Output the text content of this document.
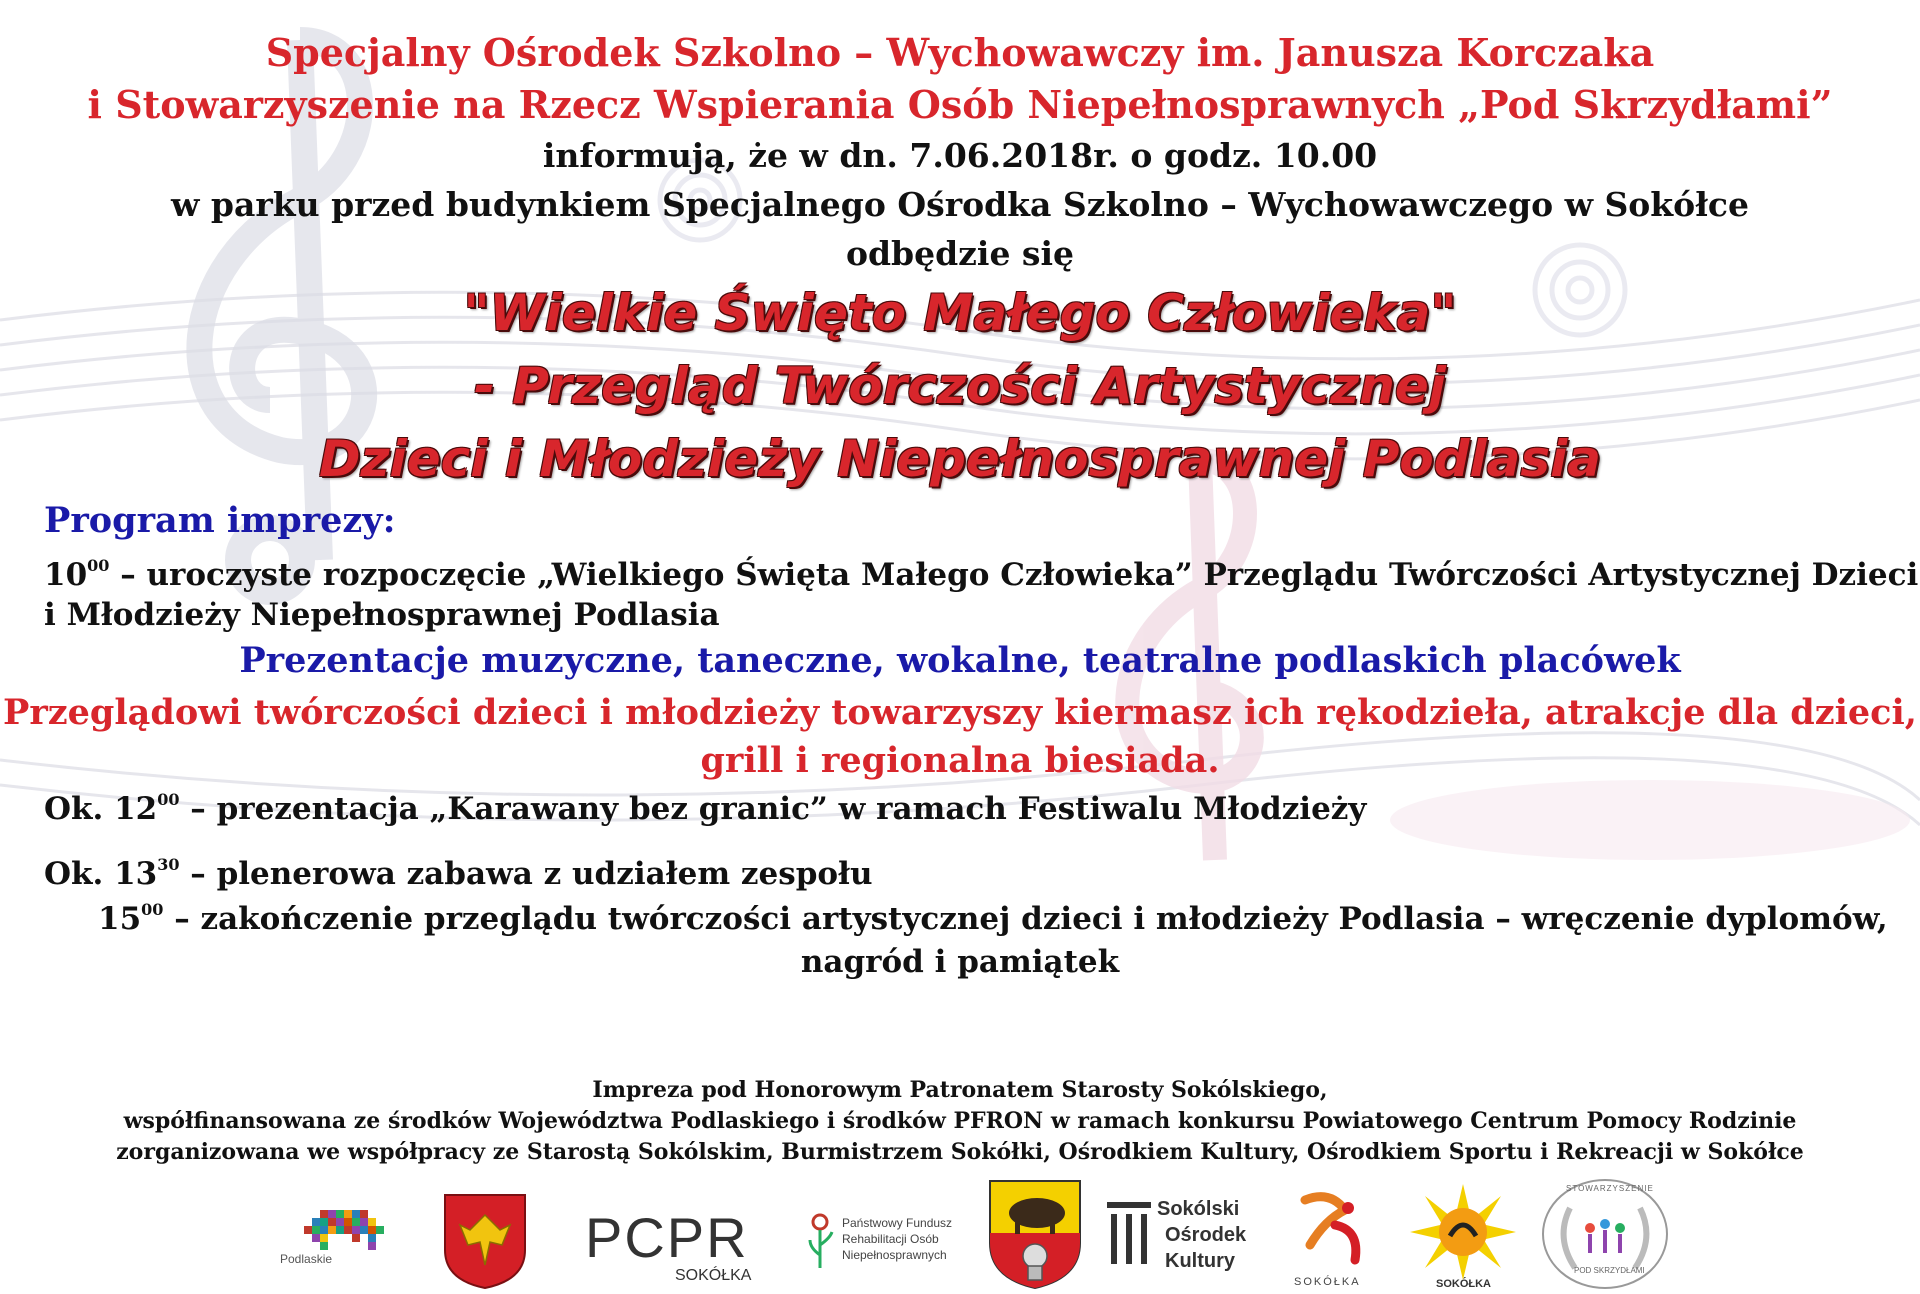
Specjalny Ośrodek Szkolno – Wychowawczy im. Janusza Korczaka

i Stowarzyszenie na Rzecz Wspierania Osób Niepełnosprawnych „Pod Skrzydłami”

informują, że w dn. 7.06.2018r. o godz. 10.00

w parku przed budynkiem Specjalnego Ośrodka Szkolno – Wychowawczego w Sokółce

odbędzie się

"Wielkie Święto Małego Człowieka"

- Przegląd Twórczości Artystycznej

Dzieci i Młodzieży Niepełnosprawnej Podlasia

Program imprezy:
$10^{00}$ – uroczyste rozpoczęcie „Wielkiego Święta Małego Człowieka” Przeglądu Twórczości Artystycznej Dzieci
i Młodzieży Niepełnosprawnej Podlasia
Prezentacje muzyczne, taneczne, wokalne, teatralne podlaskich placówek
Przeglądowi twórczości dzieci i młodzieży towarzyszy kiermasz ich rękodzieła, atrakcje dla dzieci,
grill i regionalna biesiada.
Ok. $12^{00}$ – prezentacja „Karawany bez granic” w ramach Festiwalu Młodzieży
Ok. $13^{30}$ – plenerowa zabawa z udziałem zespołu
$15^{00}$ – zakończenie przeglądu twórczości artystycznej dzieci i młodzieży Podlasia – wręczenie dyplomów,
nagród i pamiątek
Impreza pod Honorowym Patronatem Starosty Sokólskiego,
współfinansowana ze środków Województwa Podlaskiego i środków PFRON w ramach konkursu Powiatowego Centrum Pomocy Rodzinie
zorganizowana we współpracy ze Starostą Sokólskim, Burmistrzem Sokółki, Ośrodkiem Kultury, Ośrodkiem Sportu i Rekreacji w Sokółce
Podlaskie	PCPR
SOKÓŁKA
Państwowy Fundusz
Rehabilitacji Osób
Niepełnosprawnych
Sokólski
Ośrodek
Kultury
SOKÓŁKA	SOKÓŁKA
STOWARZYSZENIE
POD SKRZYDŁAMI
